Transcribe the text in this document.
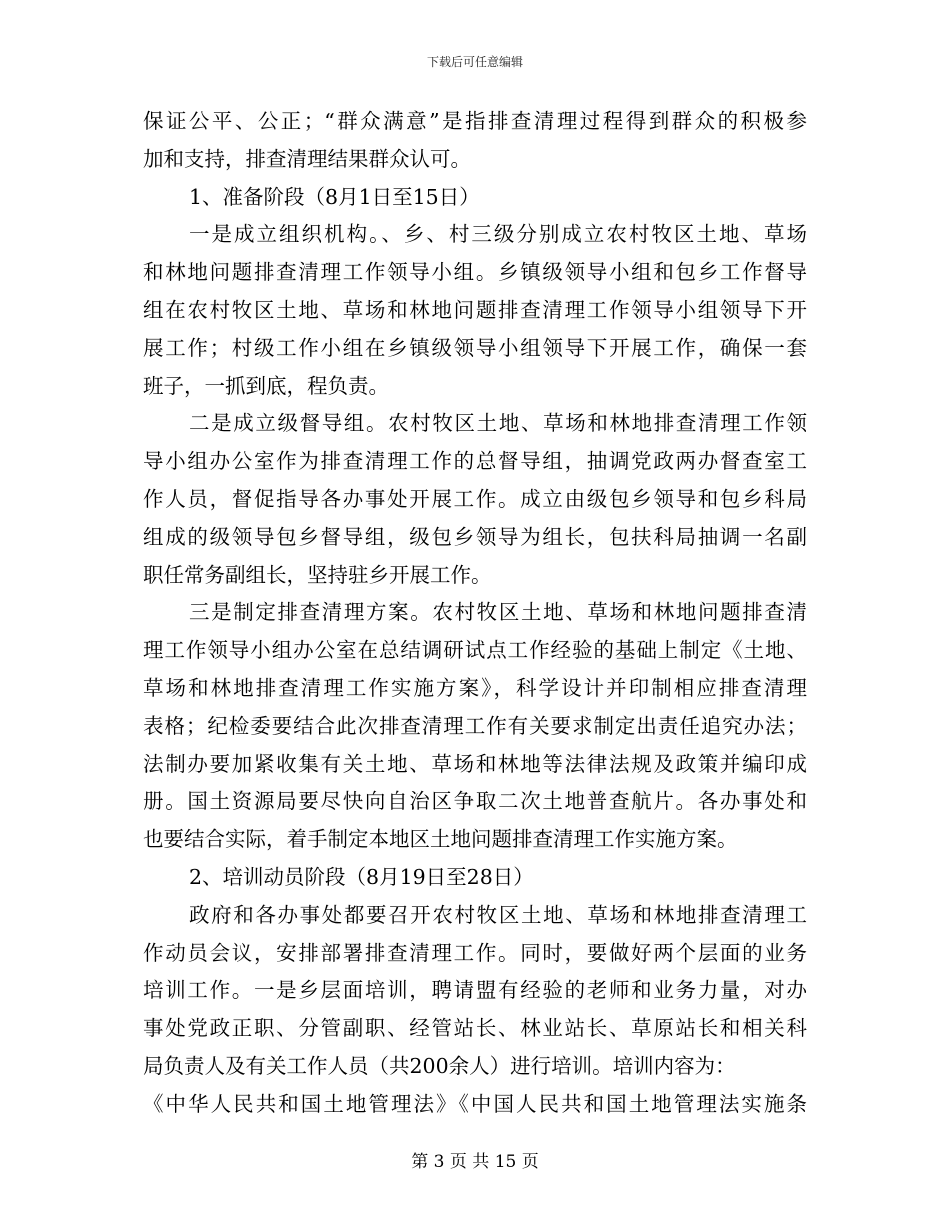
下载后可任意编辑
保证公平、公正；“群众满意”是指排查清理过程得到群众的积极参
加和支持，排查清理结果群众认可。
1、准备阶段（8月1日至15日）
一是成立组织机构。、乡、村三级分别成立农村牧区土地、草场
和林地问题排查清理工作领导小组。乡镇级领导小组和包乡工作督导
组在农村牧区土地、草场和林地问题排查清理工作领导小组领导下开
展工作；村级工作小组在乡镇级领导小组领导下开展工作，确保一套
班子，一抓到底，程负责。
二是成立级督导组。农村牧区土地、草场和林地排查清理工作领
导小组办公室作为排查清理工作的总督导组，抽调党政两办督查室工
作人员，督促指导各办事处开展工作。成立由级包乡领导和包乡科局
组成的级领导包乡督导组，级包乡领导为组长，包扶科局抽调一名副
职任常务副组长，坚持驻乡开展工作。
三是制定排查清理方案。农村牧区土地、草场和林地问题排查清
理工作领导小组办公室在总结调研试点工作经验的基础上制定《土地、
草场和林地排查清理工作实施方案》，科学设计并印制相应排查清理
表格；纪检委要结合此次排查清理工作有关要求制定出责任追究办法；
法制办要加紧收集有关土地、草场和林地等法律法规及政策并编印成
册。国土资源局要尽快向自治区争取二次土地普查航片。各办事处和
也要结合实际，着手制定本地区土地问题排查清理工作实施方案。
2、培训动员阶段（8月19日至28日）
政府和各办事处都要召开农村牧区土地、草场和林地排查清理工
作动员会议，安排部署排查清理工作。同时，要做好两个层面的业务
培训工作。一是乡层面培训，聘请盟有经验的老师和业务力量，对办
事处党政正职、分管副职、经管站长、林业站长、草原站长和相关科
局负责人及有关工作人员（共200余人）进行培训。培训内容为：
《中华人民共和国土地管理法》《中国人民共和国土地管理法实施条
第 3 页 共 15 页
